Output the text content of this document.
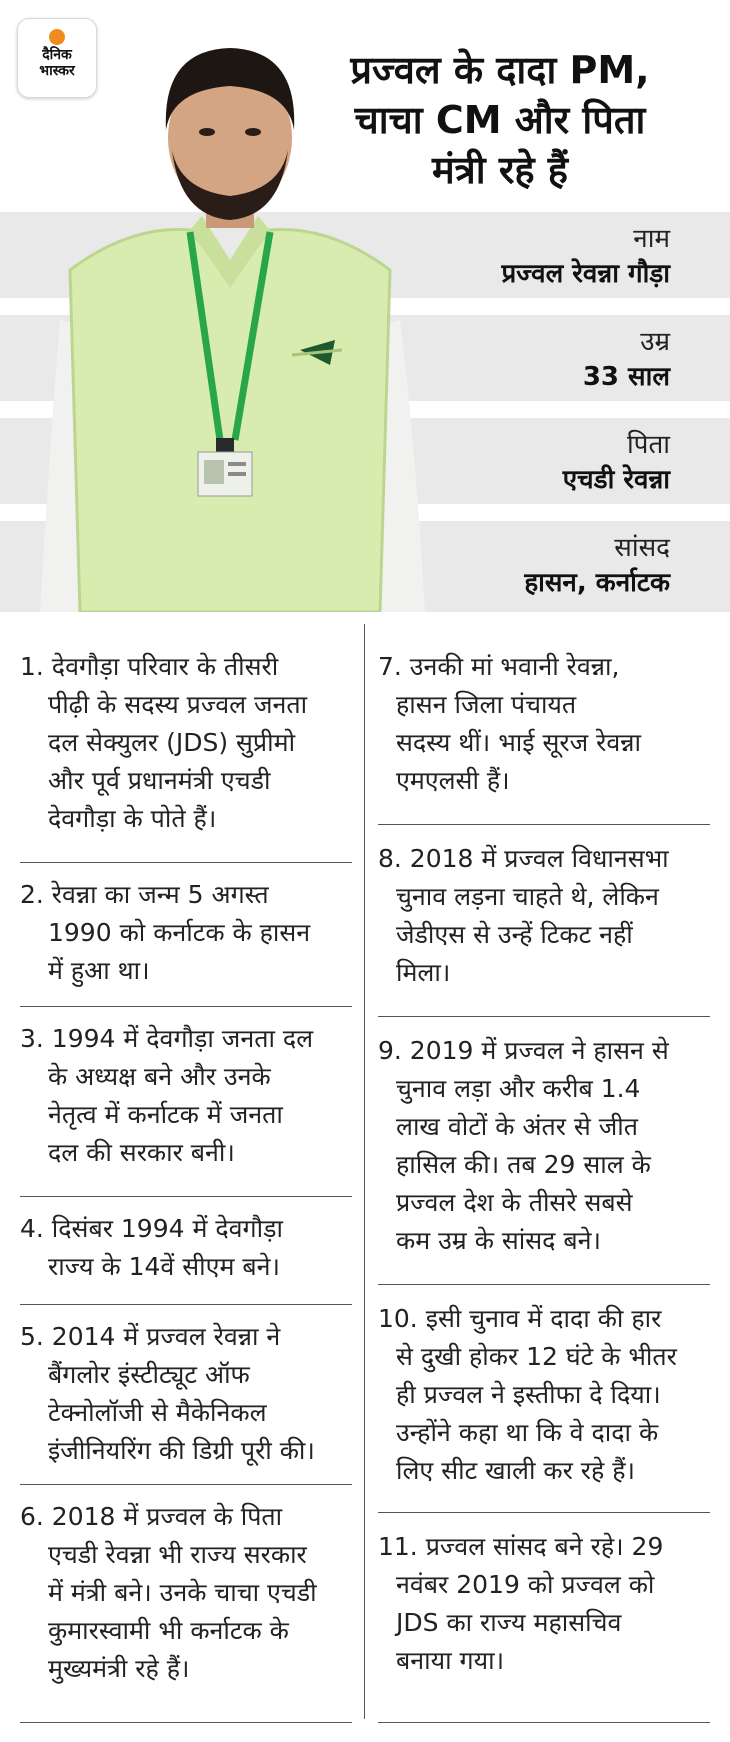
दैनिक
भास्कर	प्रज्वल के दादा PM,
चाचा CM और पिता
मंत्री रहे हैं
नाम
प्रज्वल रेवन्ना गौड़ा
उम्र
33 साल
पिता
एचडी रेवन्ना
सांसद
हासन, कर्नाटक
1. देवगौड़ा परिवार के तीसरी
पीढ़ी के सदस्य प्रज्वल जनता
दल सेक्युलर (JDS) सुप्रीमो
और पूर्व प्रधानमंत्री एचडी
देवगौड़ा के पोते हैं।
2. रेवन्ना का जन्म 5 अगस्त
1990 को कर्नाटक के हासन
में हुआ था।
3. 1994 में देवगौड़ा जनता दल
के अध्यक्ष बने और उनके
नेतृत्व में कर्नाटक में जनता
दल की सरकार बनी।
4. दिसंबर 1994 में देवगौड़ा
राज्य के 14वें सीएम बने।
5. 2014 में प्रज्वल रेवन्ना ने
बैंगलोर इंस्टीट्यूट ऑफ
टेक्नोलॉजी से मैकेनिकल
इंजीनियरिंग की डिग्री पूरी की।
6. 2018 में प्रज्वल के पिता
एचडी रेवन्ना भी राज्य सरकार
में मंत्री बने। उनके चाचा एचडी
कुमारस्वामी भी कर्नाटक के
मुख्यमंत्री रहे हैं।
7. उनकी मां भवानी रेवन्ना,
हासन जिला पंचायत
सदस्य थीं। भाई सूरज रेवन्ना
एमएलसी हैं।
8. 2018 में प्रज्वल विधानसभा
चुनाव लड़ना चाहते थे, लेकिन
जेडीएस से उन्हें टिकट नहीं
मिला।
9. 2019 में प्रज्वल ने हासन से
चुनाव लड़ा और करीब 1.4
लाख वोटों के अंतर से जीत
हासिल की। तब 29 साल के
प्रज्वल देश के तीसरे सबसे
कम उम्र के सांसद बने।
10. इसी चुनाव में दादा की हार
से दुखी होकर 12 घंटे के भीतर
ही प्रज्वल ने इस्तीफा दे दिया।
उन्होंने कहा था कि वे दादा के
लिए सीट खाली कर रहे हैं।
11. प्रज्वल सांसद बने रहे। 29
नवंबर 2019 को प्रज्वल को
JDS का राज्य महासचिव
बनाया गया।
